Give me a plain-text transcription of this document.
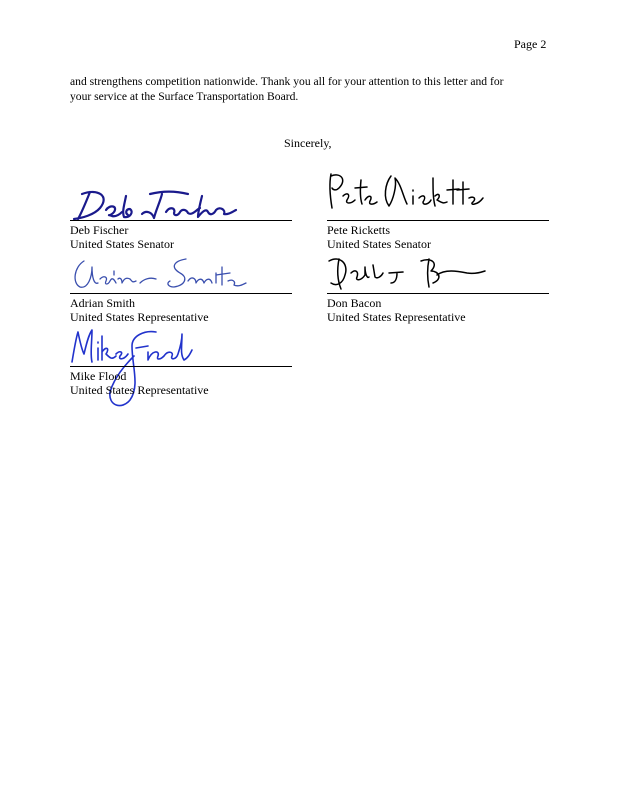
Page 2

and strengthens competition nationwide. Thank you all for your attention to this letter and for
your service at the Surface Transportation Board.

Sincerely,
Deb Fischer
United States Senator
Pete Ricketts
United States Senator
Adrian Smith
United States Representative
Don Bacon
United States Representative
Mike Flood
United States Representative
